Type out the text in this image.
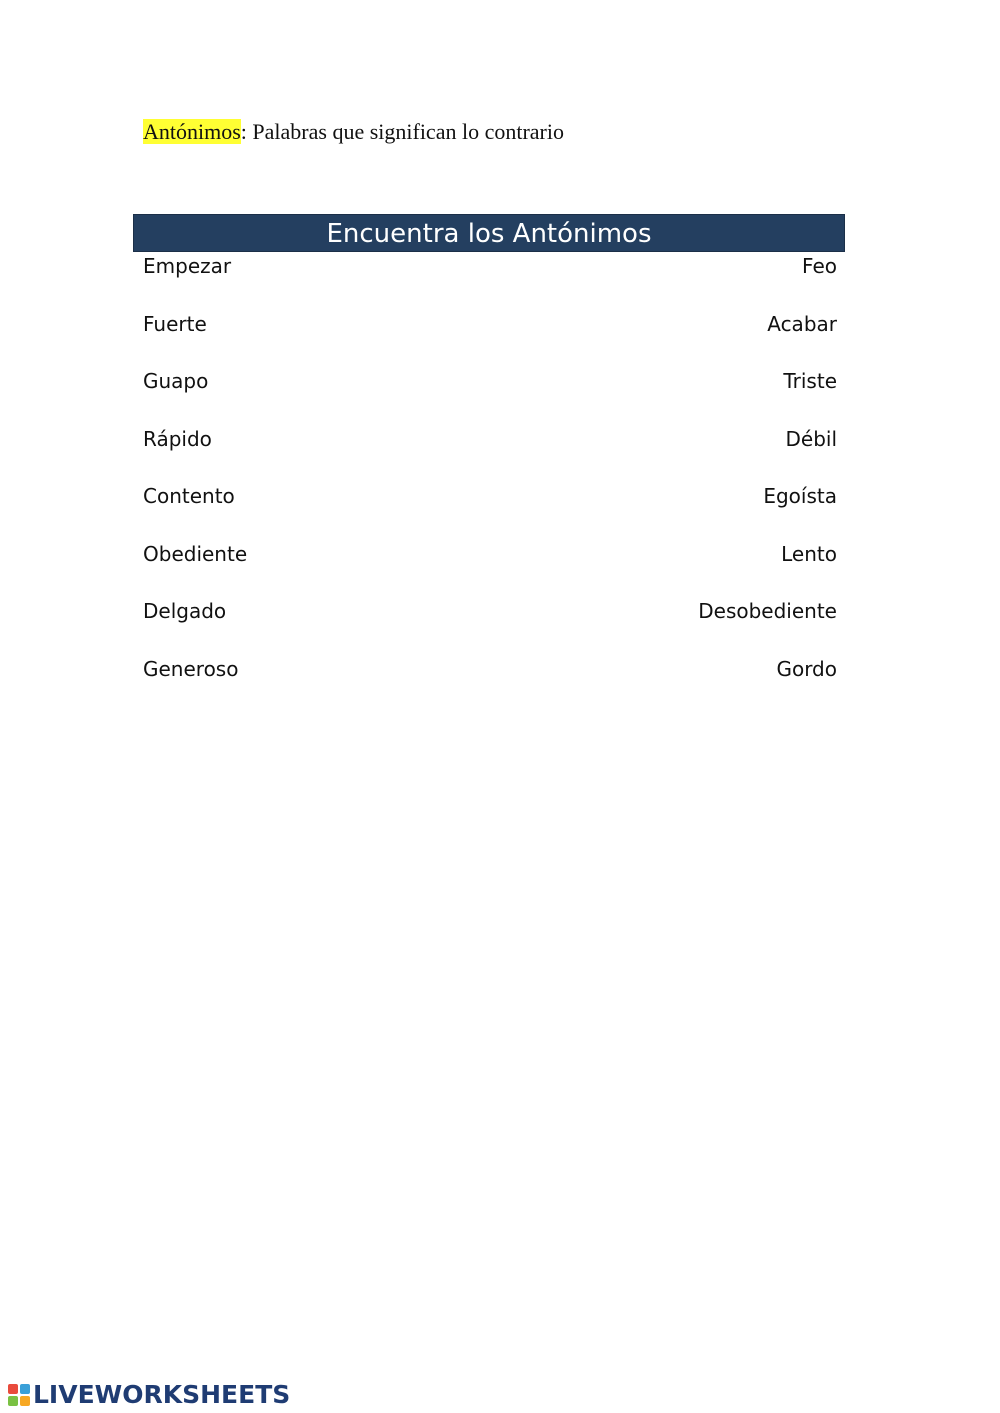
Antónimos: Palabras que significan lo contrario
Encuentra los Antónimos
Empezar	Feo
Fuerte	Acabar
Guapo	Triste
Rápido	Débil
Contento	Egoísta
Obediente	Lento
Delgado	Desobediente
Generoso	Gordo
LIVEWORKSHEETS
